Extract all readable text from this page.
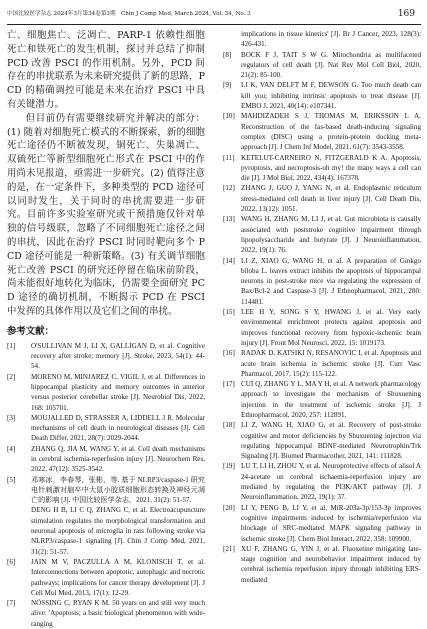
中国比较医学杂志 2024年3月第34卷第3期 Chin J Comp Med, March 2024, Vol. 34, No. 3	169

亡、细胞焦亡、泛凋亡、PARP-1 依赖性细胞死亡和铁死亡的发生机制，探讨并总结了抑制 PCD 改善 PSCI 的作用机制。另外，PCD 间存在的串扰联系为未来研究提供了新的思路，PCD 的精确调控可能是未来在治疗 PSCI 中具有关键潜力。

但目前仍有需要继续研究并解决的部分：(1) 随着对细胞死亡模式的不断探索，新的细胞死亡途径仍不断被发现，铜死亡、失巢凋亡、双硫死亡等新型细胞死亡形式在 PSCI 中的作用尚未见报道，亟需进一步研究。(2) 值得注意的是，在一定条件下，多种类型的 PCD 途径可以同时发生，关于同时的串扰需要进一步研究。目前许多实验室研究或干预措施仅针对单独的信号级联，忽略了不同细胞死亡途径之间的串扰，因此在治疗 PSCI 时同时靶向多个 PCD 途径可能是一种新策略。(3) 有关调节细胞死亡改善 PSCI 的研究还停留在临床前阶段，尚未能很好地转化为临床，仍需要全面研究 PCD 途径的确切机制，不断揭示 PCD 在 PSCI 中发挥的具体作用以及它们之间的串扰。

参考文献：
[1] O'SULLIVAN M J, LI X, GALLIGAN D, et al. Cognitive recovery after stroke; memory [J]. Stroke, 2023, 54(1): 44-54.
[2] MORENO M, MINJAREZ C, VIGIL J, et al. Differences in hippocampal plasticity and memory outcomes in anterior versus posterior cerebellar stroke [J]. Neurobiol Dis, 2022, 168: 105701.
[3] MOUJALLED D, STRASSER A, LIDDELL J R. Molecular mechanisms of cell death in neurological diseases [J]. Cell Death Differ, 2021, 28(7): 2029-2044.
[4] ZHANG Q, JIA M, WANG Y, et al. Cell death mechanisms in cerebral ischemia-reperfusion injury [J]. Neurochem Res, 2022, 47(12): 3525-3542.
[5] 邓寒冰，李春琴，张彬，等. 基于 NLRP3/caspase-1 研究电针刺激对脑卒中大鼠小胶质细胞形态转换及神经元凋亡的影响 [J]. 中国比较医学杂志，2021, 31(2): 51-57.
DENG H B, LI C Q, ZHANG C, et al. Electroacupuncture stimulation regulates the morphological transformation and neuronal apoptosis of microglia in rats following stroke via NLRP3/caspase-1 signaling [J]. Chin J Comp Med, 2021, 31(2): 51-57.
[6] JAIN M V, PACZULLA A M, KLONISCH T, et al. Interconnections between apoptotic, autophagic and necrotic pathways; implications for cancer therapy development [J]. J Cell Mol Med, 2013, 17(1): 12-29.
[7] NÖSSING C, RYAN K M. 50 years on and still very much alive: 'Apoptosis; a basic biological phenomenon with wide-ranging
implications in tissue kinetics' [J]. Br J Cancer, 2023, 128(3): 426-431.
[8] BOCK F J, TAIT S W G. Mitochondria as multifaceted regulators of cell death [J]. Nat Rev Mol Cell Biol, 2020, 21(2): 85-100.
[9] LI K, VAN DELFT M F, DEWSON G. Too much death can kill you; inhibiting intrinsic apoptosis to treat disease [J]. EMBO J, 2021, 40(14): e107341.
[10] MAHDIZADEH S J, THOMAS M, ERIKSSON L A. Reconstruction of the fas-based death-inducing signaling complex (DISC) using a protein-protein docking meta-approach [J]. J Chem Inf Model, 2021, 61(7): 3543-3558.
[11] KETELUT-CARNEIRO N, FITZGERALD K A. Apoptosis, pyroptosis, and necroptosis-oh my! the many ways a cell can die [J]. J Mol Biol, 2022, 434(4): 167378.
[12] ZHANG J, GUO J, YANG N, et al. Endoplasmic reticulum stress-mediated cell death in liver injury [J]. Cell Death Dis, 2022, 13(12): 1051.
[13] WANG H, ZHANG M, LI J, et al. Gut microbiota is causally associated with poststroke cognitive impairment through lipopolysaccharide and butyrate [J]. J Neuroinflammation, 2022, 19(1): 76.
[14] LI Z, XIAO G, WANG H, et al. A preparation of Ginkgo biloba L. leaves extract inhibits the apoptosis of hippocampal neurons in post-stroke mice via regulating the expression of Bax/Bcl-2 and Caspase-3 [J]. J Ethnopharmacol, 2021, 280: 114481.
[15] LEE H Y, SONG S Y, HWANG J, et al. Very early environmental enrichment protects against apoptosis and improves functional recovery from hypoxic-ischemic brain injury [J]. Front Mol Neurosci, 2022, 15: 1019173.
[16] RADAK D, KATSIKI N, RESANOVIC I, et al. Apoptosis and acute brain ischemia in ischemic stroke [J]. Curr Vasc Pharmacol, 2017, 15(2): 115-122.
[17] CUI Q, ZHANG Y L, MA Y H, et al. A network pharmacology approach to investigate the mechanism of Shuxuening injection in the treatment of ischemic stroke [J]. J Ethnopharmacol, 2020, 257: 112891.
[18] LI Z, WANG H, XIAO G, et al. Recovery of post-stroke cognitive and motor deficiencies by Shuxuening injection via regulating hippocampal BDNF-mediated Neurotrophin/Trk Signaling [J]. Biomed Pharmacother, 2021, 141: 111828.
[19] LU T, LI H, ZHOU Y, et al. Neuroprotective effects of alisol A 24-acetate on cerebral ischaemia-reperfusion injury are mediated by regulating the PI3K/AKT pathway [J]. J Neuroinflammation, 2022, 19(1): 37.
[20] LI Y, PENG B, LI Y, et al. MiR-203a-3p/153-3p improves cognitive impairments induced by ischemia/reperfusion via blockage of SRC-mediated MAPK signaling pathway in ischemic stroke [J]. Chem Biol Interact, 2022, 358: 109900.
[21] XU F, ZHANG G, YIN J, et al. Fluoxetine mitigating late-stage cognition and neurobehavior impairment induced by cerebral ischemia reperfusion injury through inhibiting ERS-mediated
